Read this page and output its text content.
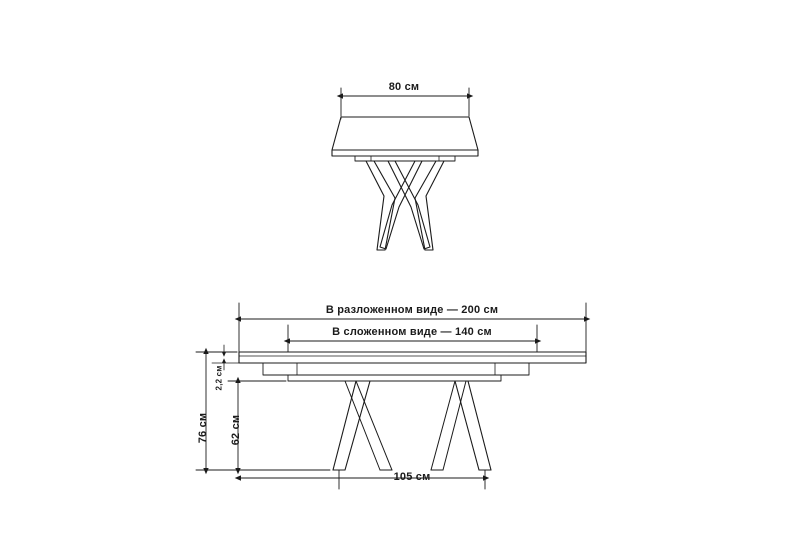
80 см
В разложенном виде — 200 см
В сложенном виде — 140 см
2,2 см
76 см 62 см
105 см
